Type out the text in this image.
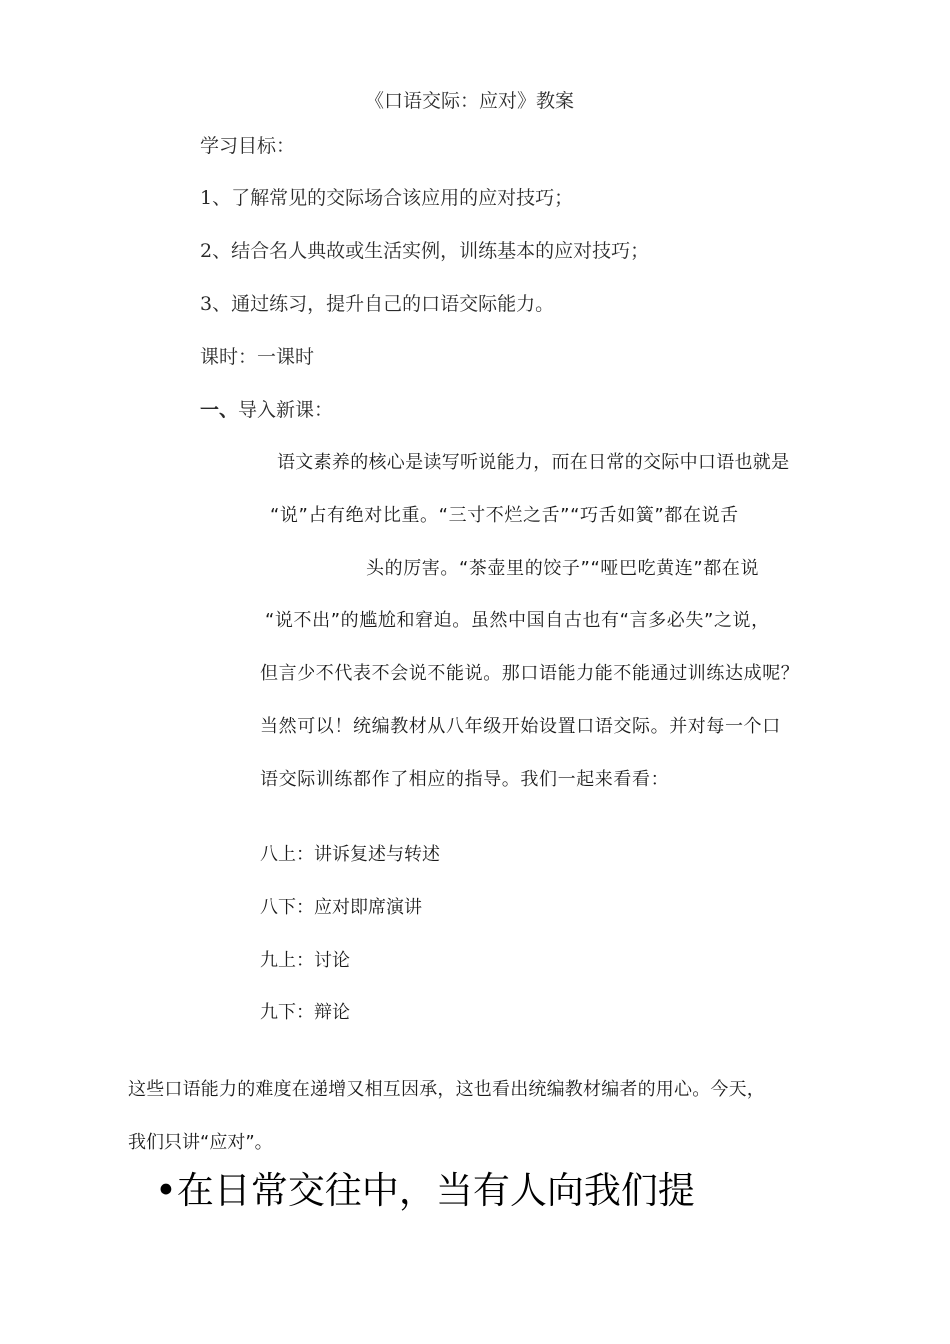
《口语交际：应对》教案
学习目标：
1、了解常见的交际场合该应用的应对技巧；
2、结合名人典故或生活实例，训练基本的应对技巧；
3、通过练习，提升自己的口语交际能力。
课时：一课时
一、导入新课：
语文素养的核心是读写听说能力，而在日常的交际中口语也就是
“说”占有绝对比重。“三寸不烂之舌”“巧舌如簧”都在说舌
头的厉害。“茶壶里的饺子”“哑巴吃黄连”都在说
“说不出”的尴尬和窘迫。虽然中国自古也有“言多必失”之说，
但言少不代表不会说不能说。那口语能力能不能通过训练达成呢？
当然可以！统编教材从八年级开始设置口语交际。并对每一个口
语交际训练都作了相应的指导。我们一起来看看：
八上：讲诉复述与转述
八下：应对即席演讲
九上：讨论
九下：辩论
这些口语能力的难度在递增又相互因承，这也看出统编教材编者的用心。今天，
我们只讲“应对”。
•在日常交往中，当有人向我们提
